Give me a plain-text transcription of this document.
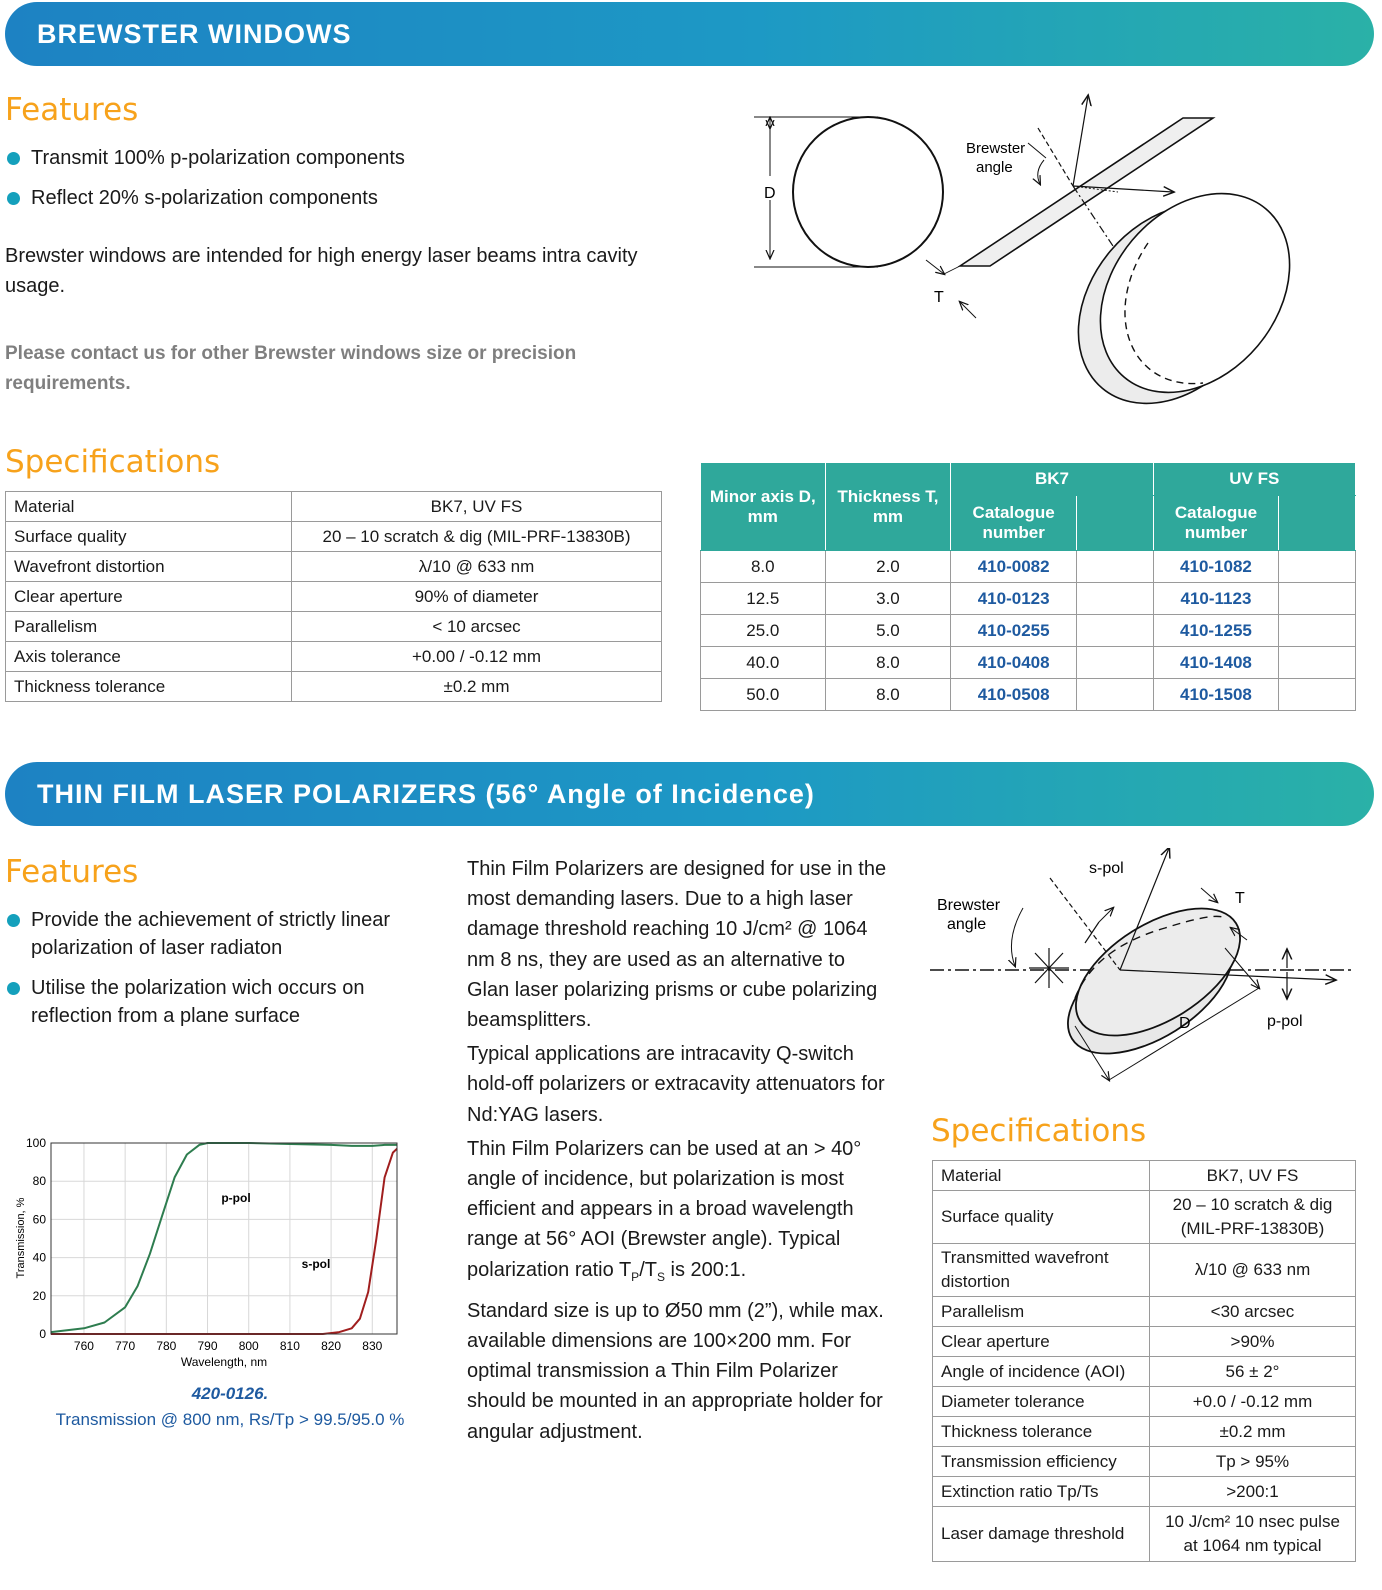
BREWSTER WINDOWS
Features
Transmit 100% p-polarization components
Reflect 20% s-polarization components

Brewster windows are intended for high energy laser beams intra cavity usage.

Please contact us for other Brewster windows size or precision requirements.

D
Brewster
angle
T
Specifications
Material	BK7, UV FS
Surface quality	20 – 10 scratch & dig (MIL-PRF-13830B)
Wavefront distortion	λ/10 @ 633 nm
Clear aperture	90% of diameter
Parallelism	< 10 arcsec
Axis tolerance	+0.00 / -0.12 mm
Thickness tolerance	±0.2 mm
Minor axis D, mm	Thickness T, mm	BK7		UV FS	
		Catalogue number		Catalogue number	
8.0	2.0	410-0082		410-1082	
12.5	3.0	410-0123		410-1123	
25.0	5.0	410-0255		410-1255	
40.0	8.0	410-0408		410-1408	
50.0	8.0	410-0508		410-1508	
THIN FILM LASER POLARIZERS (56° Angle of Incidence)
Features
Provide the achievement of strictly linear polarization of laser radiaton
Utilise the polarization wich occurs on reflection from a plane surface

Thin Film Polarizers are designed for use in the most demanding lasers. Due to a high laser damage threshold reaching 10 J/cm² @ 1064 nm 8 ns, they are used as an alternative to Glan laser polarizing prisms or cube polarizing beamsplitters.

Typical applications are intracavity Q-switch hold-off polarizers or extracavity attenuators for Nd:YAG lasers.

Thin Film Polarizers can be used at an > 40° angle of incidence, but polarization is most efficient and appears in a broad wavelength range at 56° AOI (Brewster angle). Typical polarization ratio $T_P/T_S$ is 200:1.

Standard size is up to Ø50 mm (2”), while max. available dimensions are 100×200 mm. For optimal transmission a Thin Film Polarizer should be mounted in an appropriate holder for angular adjustment.

760 770 780 790 800 810 820 830
0
20
40
60
80
100
Wavelength, nm
Transmission, %	p-pol
s-pol
420-0126.
Transmission @ 800 nm, Rs/Tp > 99.5/95.0 %
Brewster
angle
s-pol
T
D	p-pol
Specifications
Material	BK7, UV FS
Surface quality	20 – 10 scratch & dig (MIL-PRF-13830B)
Transmitted wavefront distortion	λ/10 @ 633 nm
Parallelism	<30 arcsec
Clear aperture	>90%
Angle of incidence (AOI)	56 ± 2°
Diameter tolerance	+0.0 / -0.12 mm
Thickness tolerance	±0.2 mm
Transmission efficiency	Tp > 95%
Extinction ratio Tp/Ts	>200:1
Laser damage threshold	10 J/cm² 10 nsec pulse at 1064 nm typical
